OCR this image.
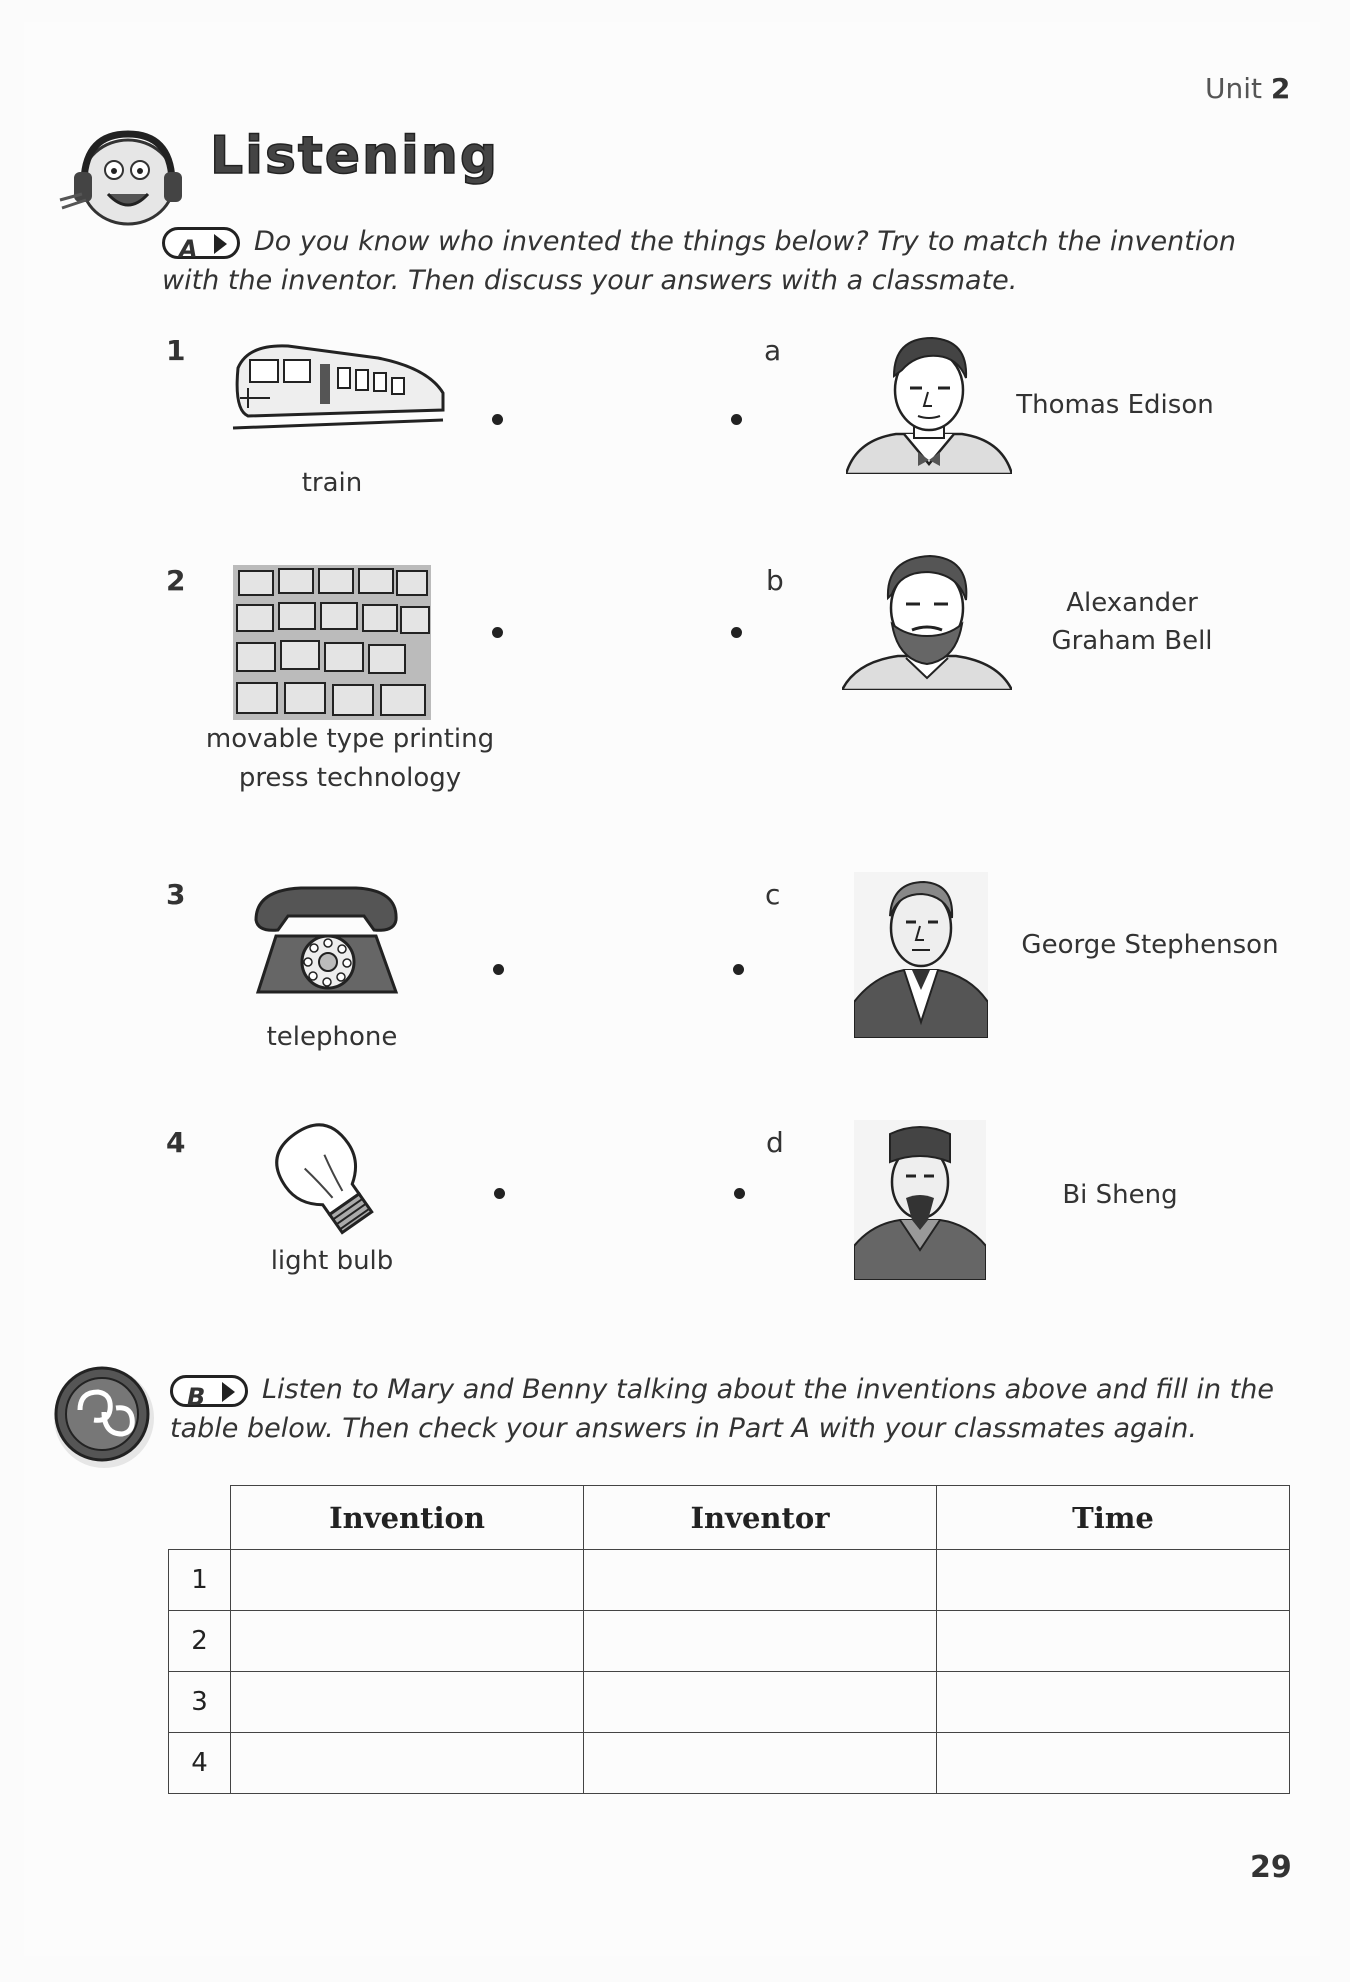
Unit 2
Listening
A Do you know who invented the things below? Try to match the invention with the inventor. Then discuss your answers with a classmate.
1
train
2
movable type printing
press technology
3
telephone
4
light bulb
a
Thomas Edison
b
Alexander
Graham Bell
c
George Stephenson
d
Bi Sheng
B Listen to Mary and Benny talking about the inventions above and fill in the table below. Then check your answers in Part A with your classmates again.
	Invention	Inventor	Time
1			
2			
3			
4			
29
